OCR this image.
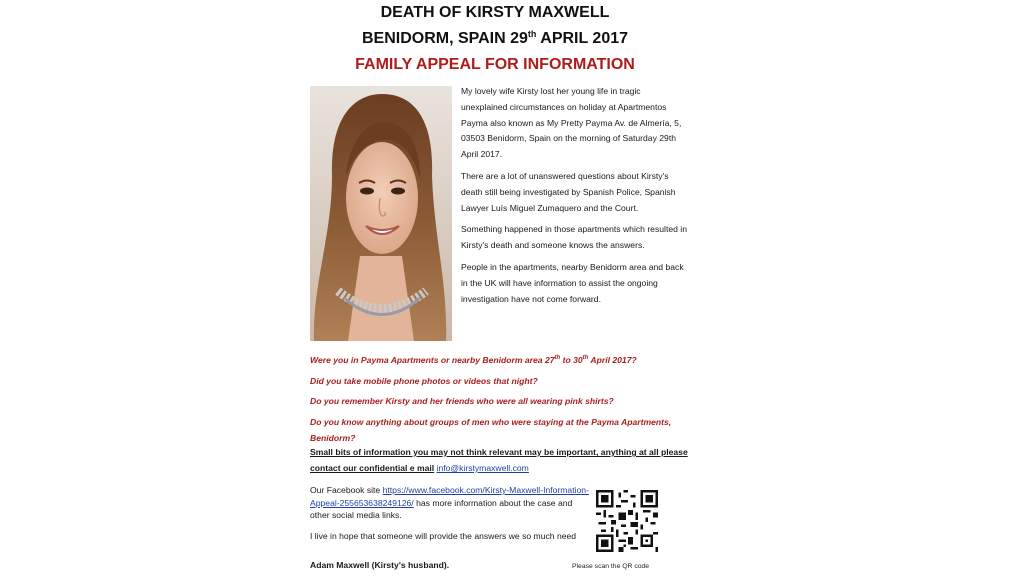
DEATH OF KIRSTY MAXWELL
BENIDORM, SPAIN 29th APRIL 2017
FAMILY APPEAL FOR INFORMATION

My lovely wife Kirsty lost her young life in tragic unexplained circumstances on holiday at Apartmentos Payma also known as My Pretty Payma Av. de Almería, 5, 03503 Benidorm, Spain on the morning of Saturday 29th April 2017.

There are a lot of unanswered questions about Kirsty's death still being investigated by Spanish Police, Spanish Lawyer Luís Miguel Zumaquero and the Court.

Something happened in those apartments which resulted in Kirsty's death and someone knows the answers.

People in the apartments, nearby Benidorm area and back in the UK will have information to assist the ongoing investigation have not come forward.

Were you in Payma Apartments or nearby Benidorm area 27th to 30th April 2017?

Did you take mobile phone photos or videos that night?

Do you remember Kirsty and her friends who were all wearing pink shirts?

Do you know anything about groups of men who were staying at the Payma Apartments, Benidorm?

Small bits of information you may not think relevant may be important, anything at all please contact our confidential e mail info@kirstymaxwell.com
Our Facebook site https://www.facebook.com/Kirsty-Maxwell-Information-Appeal-255653638249126/ has more information about the case and other social media links.
I live in hope that someone will provide the answers we so much need
Adam Maxwell (Kirsty's husband).	Please scan the QR code
